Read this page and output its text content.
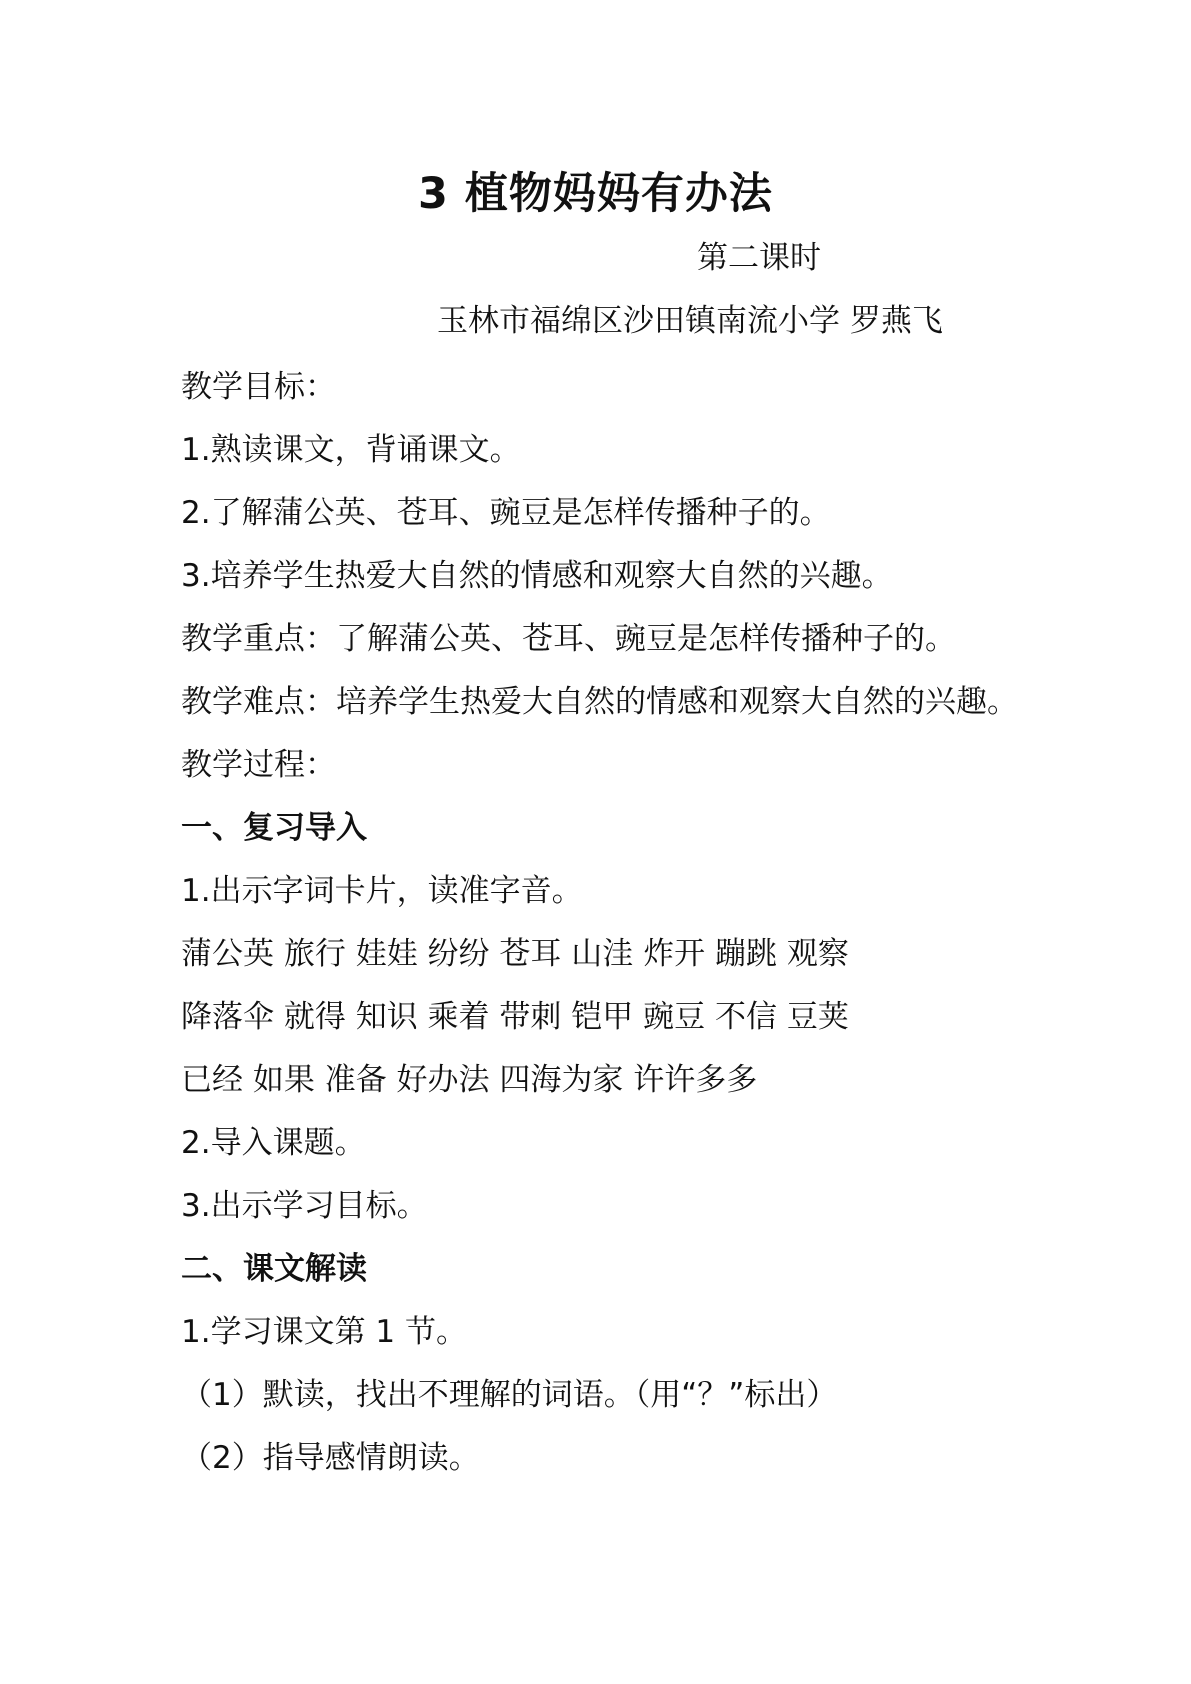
3 植物妈妈有办法

第二课时

玉林市福绵区沙田镇南流小学 罗燕飞

教学目标：

1.熟读课文，背诵课文。

2.了解蒲公英、苍耳、豌豆是怎样传播种子的。

3.培养学生热爱大自然的情感和观察大自然的兴趣。

教学重点：了解蒲公英、苍耳、豌豆是怎样传播种子的。

教学难点：培养学生热爱大自然的情感和观察大自然的兴趣。

教学过程：

一、复习导入

1.出示字词卡片，读准字音。

蒲公英 旅行 娃娃 纷纷 苍耳 山洼 炸开 蹦跳 观察

降落伞 就得 知识 乘着 带刺 铠甲 豌豆 不信 豆荚

已经 如果 准备 好办法 四海为家 许许多多

2.导入课题。

3.出示学习目标。

二、课文解读

1.学习课文第 1 节。

（1）默读，找出不理解的词语。（用“？”标出）

（2）指导感情朗读。
